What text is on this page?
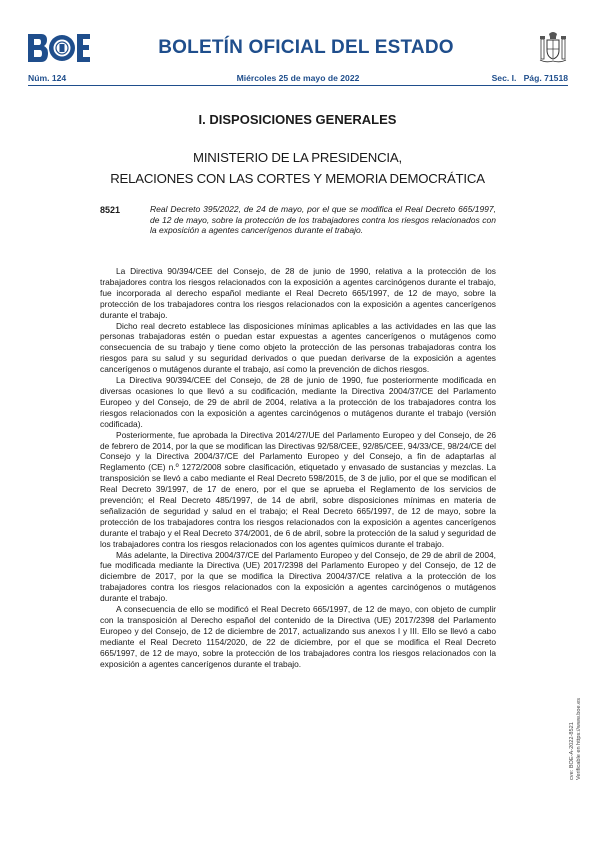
BOLETÍN OFICIAL DEL ESTADO
Núm. 124	Miércoles 25 de mayo de 2022	Sec. I.   Pág. 71518
I. DISPOSICIONES GENERALES
MINISTERIO DE LA PRESIDENCIA,
RELACIONES CON LAS CORTES Y MEMORIA DEMOCRÁTICA
8521	Real Decreto 395/2022, de 24 de mayo, por el que se modifica el Real Decreto 665/1997, de 12 de mayo, sobre la protección de los trabajadores contra los riesgos relacionados con la exposición a agentes cancerígenos durante el trabajo.

La Directiva 90/394/CEE del Consejo, de 28 de junio de 1990, relativa a la protección de los trabajadores contra los riesgos relacionados con la exposición a agentes carcinógenos durante el trabajo, fue incorporada al derecho español mediante el Real Decreto 665/1997, de 12 de mayo, sobre la protección de los trabajadores contra los riesgos relacionados con la exposición a agentes cancerígenos durante el trabajo.

Dicho real decreto establece las disposiciones mínimas aplicables a las actividades en las que las personas trabajadoras estén o puedan estar expuestas a agentes cancerígenos o mutágenos como consecuencia de su trabajo y tiene como objeto la protección de las personas trabajadoras contra los riesgos para su salud y su seguridad derivados o que puedan derivarse de la exposición a agentes cancerígenos o mutágenos durante el trabajo, así como la prevención de dichos riesgos.

La Directiva 90/394/CEE del Consejo, de 28 de junio de 1990, fue posteriormente modificada en diversas ocasiones lo que llevó a su codificación, mediante la Directiva 2004/37/CE del Parlamento Europeo y del Consejo, de 29 de abril de 2004, relativa a la protección de los trabajadores contra los riesgos relacionados con la exposición a agentes carcinógenos o mutágenos durante el trabajo (versión codificada).

Posteriormente, fue aprobada la Directiva 2014/27/UE del Parlamento Europeo y del Consejo, de 26 de febrero de 2014, por la que se modifican las Directivas 92/58/CEE, 92/85/CEE, 94/33/CE, 98/24/CE del Consejo y la Directiva 2004/37/CE del Parlamento Europeo y del Consejo, a fin de adaptarlas al Reglamento (CE) n.º 1272/2008 sobre clasificación, etiquetado y envasado de sustancias y mezclas. La transposición se llevó a cabo mediante el Real Decreto 598/2015, de 3 de julio, por el que se modifican el Real Decreto 39/1997, de 17 de enero, por el que se aprueba el Reglamento de los servicios de prevención; el Real Decreto 485/1997, de 14 de abril, sobre disposiciones mínimas en materia de señalización de seguridad y salud en el trabajo; el Real Decreto 665/1997, de 12 de mayo, sobre la protección de los trabajadores contra los riesgos relacionados con la exposición a agentes cancerígenos durante el trabajo y el Real Decreto 374/2001, de 6 de abril, sobre la protección de la salud y seguridad de los trabajadores contra los riesgos relacionados con los agentes químicos durante el trabajo.

Más adelante, la Directiva 2004/37/CE del Parlamento Europeo y del Consejo, de 29 de abril de 2004, fue modificada mediante la Directiva (UE) 2017/2398 del Parlamento Europeo y del Consejo, de 12 de diciembre de 2017, por la que se modifica la Directiva 2004/37/CE relativa a la protección de los trabajadores contra los riesgos relacionados con la exposición a agentes carcinógenos o mutágenos durante el trabajo.

A consecuencia de ello se modificó el Real Decreto 665/1997, de 12 de mayo, con objeto de cumplir con la transposición al Derecho español del contenido de la Directiva (UE) 2017/2398 del Parlamento Europeo y del Consejo, de 12 de diciembre de 2017, actualizando sus anexos I y III. Ello se llevó a cabo mediante el Real Decreto 1154/2020, de 22 de diciembre, por el que se modifica el Real Decreto 665/1997, de 12 de mayo, sobre la protección de los trabajadores contra los riesgos relacionados con la exposición a agentes cancerígenos durante el trabajo.

cve: BOE-A-2022-8521 Verificable en https://www.boe.es
